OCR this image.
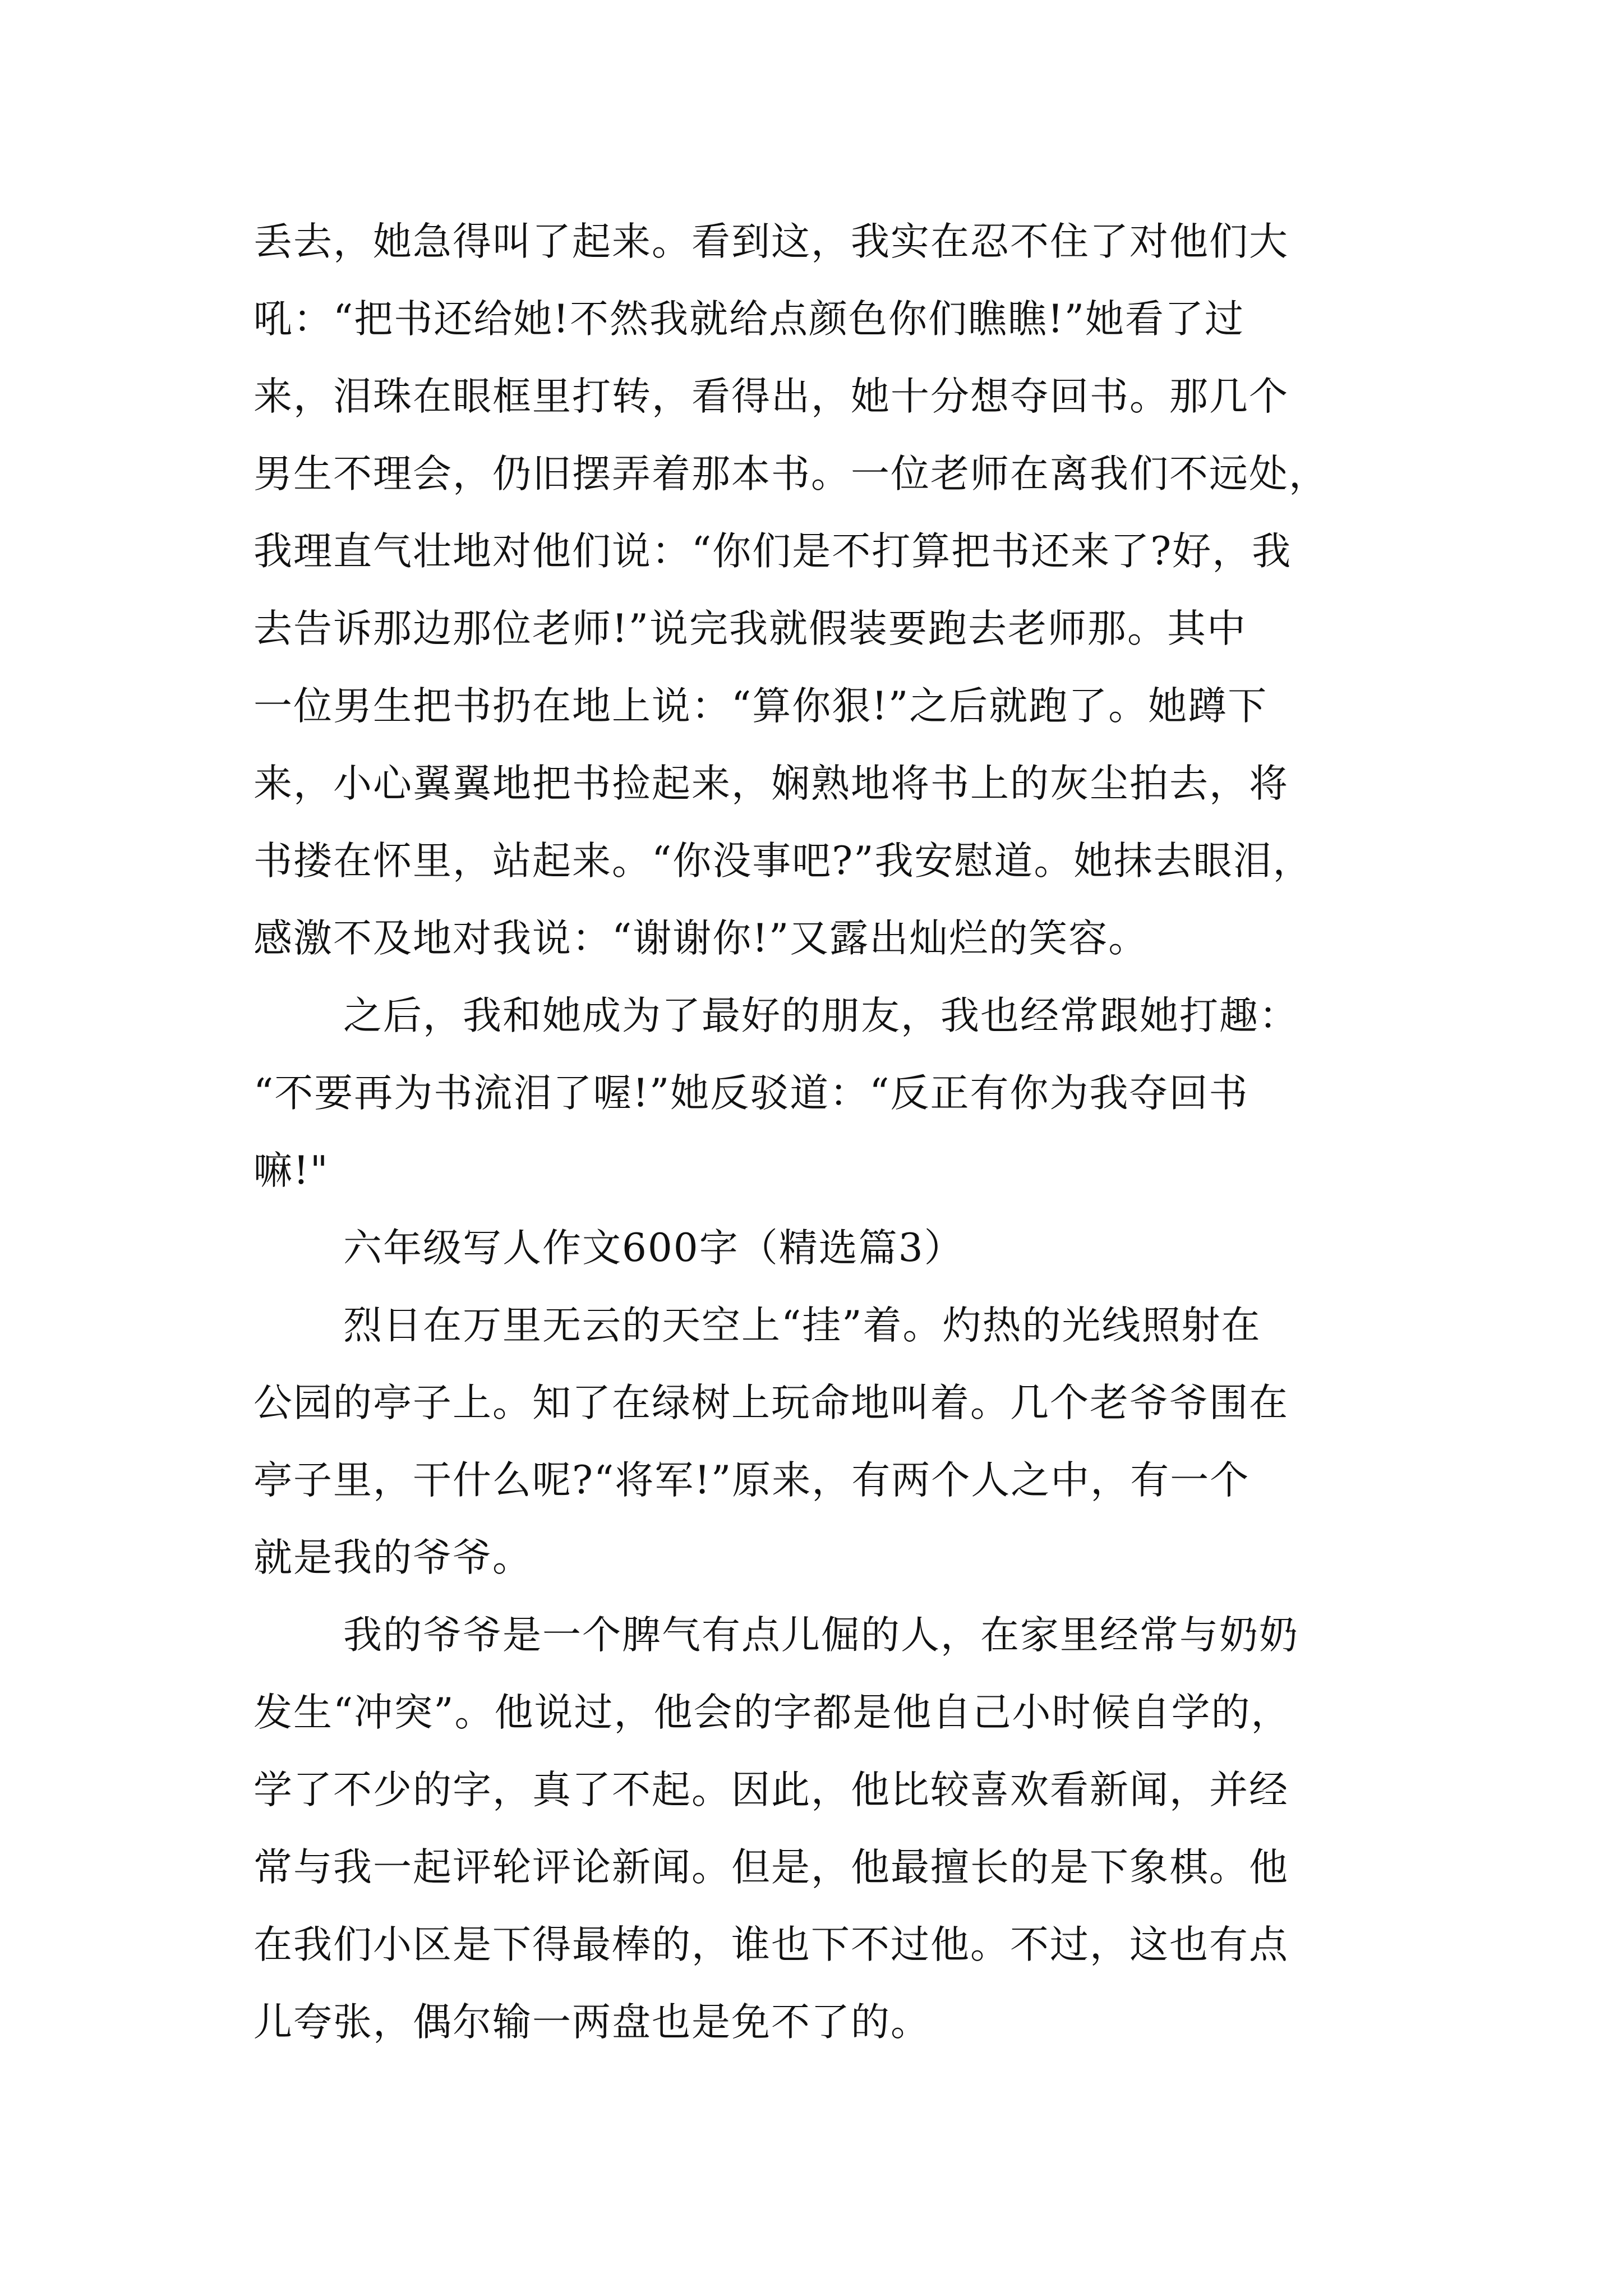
丢去，她急得叫了起来。看到这，我实在忍不住了对他们大
吼：“把书还给她!不然我就给点颜色你们瞧瞧!”她看了过
来，泪珠在眼框里打转，看得出，她十分想夺回书。那几个
男生不理会，仍旧摆弄着那本书。一位老师在离我们不远处，
我理直气壮地对他们说：“你们是不打算把书还来了?好，我
去告诉那边那位老师!”说完我就假装要跑去老师那。其中
一位男生把书扔在地上说：“算你狠!”之后就跑了。她蹲下
来，小心翼翼地把书捡起来，娴熟地将书上的灰尘拍去，将
书搂在怀里，站起来。“你没事吧?”我安慰道。她抹去眼泪，
感激不及地对我说：“谢谢你!”又露出灿烂的笑容。
之后，我和她成为了最好的朋友，我也经常跟她打趣：
“不要再为书流泪了喔!”她反驳道：“反正有你为我夺回书
嘛!"
六年级写人作文600字（精选篇3）
烈日在万里无云的天空上“挂”着。灼热的光线照射在
公园的亭子上。知了在绿树上玩命地叫着。几个老爷爷围在
亭子里，干什么呢?“将军!”原来，有两个人之中，有一个
就是我的爷爷。
我的爷爷是一个脾气有点儿倔的人，在家里经常与奶奶
发生“冲突”。他说过，他会的字都是他自己小时候自学的，
学了不少的字，真了不起。因此，他比较喜欢看新闻，并经
常与我一起评轮评论新闻。但是，他最擅长的是下象棋。他
在我们小区是下得最棒的，谁也下不过他。不过，这也有点
儿夸张，偶尔输一两盘也是免不了的。
